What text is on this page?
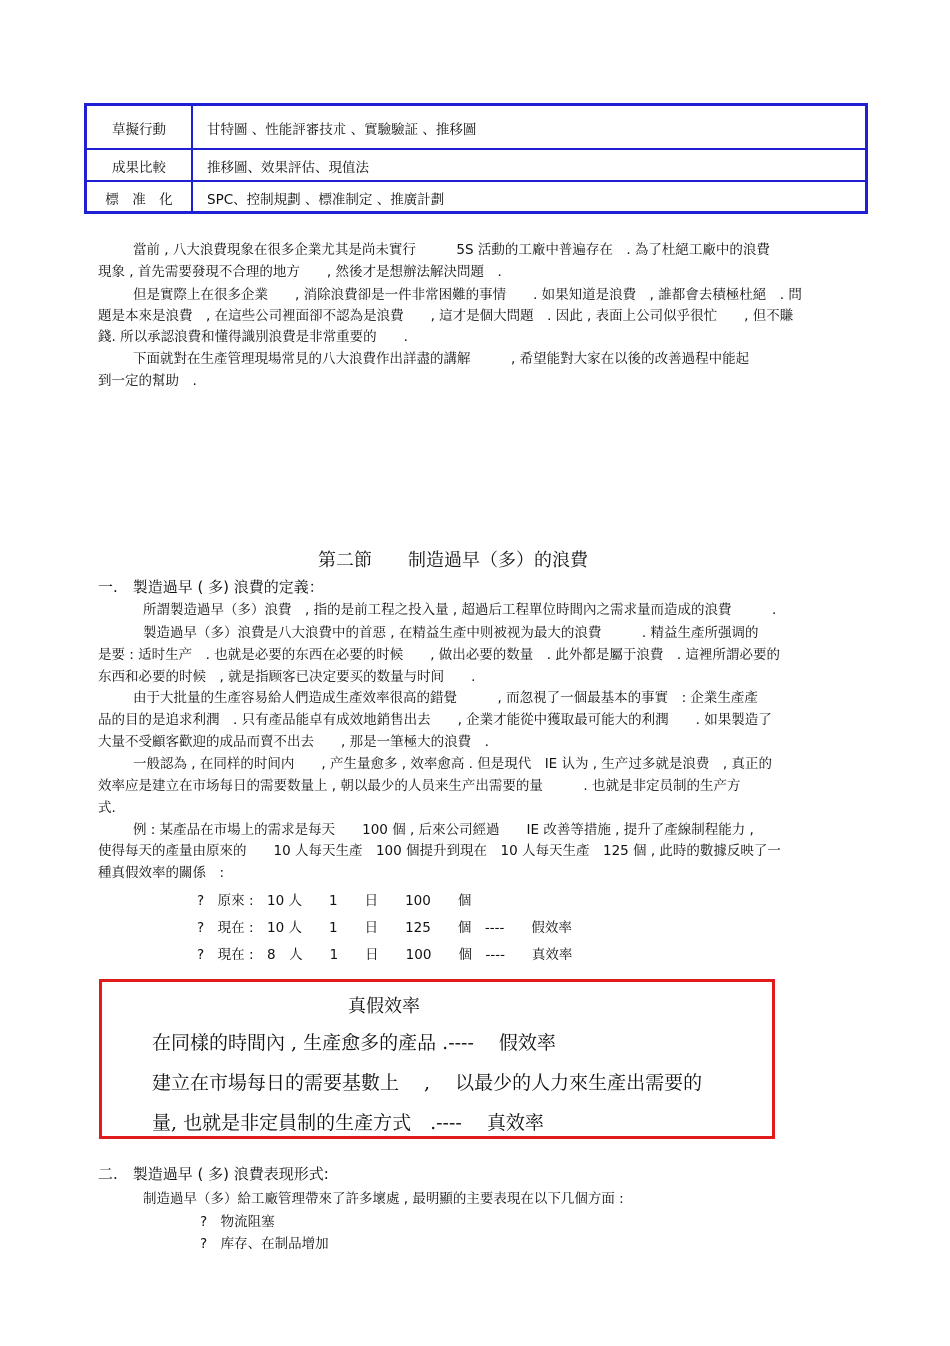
草擬行動	甘特圖 、性能評審技朮 、實驗驗証 、推移圖
成果比較	推移圖、效果評估、現值法
標　准　化	SPC、控制規劃 、標准制定 、推廣計劃
當前 , 八大浪費現象在很多企業尤其是尚未實行　　　5S 活動的工廠中普遍存在　. 為了杜絕工廠中的浪費
現象 , 首先需要發現不合理的地方　　, 然後才是想辦法解決問題　.
但是實際上在很多企業　　, 消除浪費卻是一件非常困難的事情　　. 如果知道是浪費　, 誰都會去積極杜絕　. 問
題是本來是浪費　, 在這些公司裡面卻不認為是浪費　　, 這才是個大問題　. 因此 , 表面上公司似乎很忙　　, 但不賺
錢. 所以承認浪費和懂得識別浪費是非常重要的　　.
下面就對在生產管理現場常見的八大浪費作出詳盡的講解　　　, 希望能對大家在以後的改善過程中能起
到一定的幫助　.
第二節　　制造過早（多）的浪費
一.　製造過早 ( 多) 浪費的定義：
所謂製造過早（多）浪費　, 指的是前工程之投入量 , 超過后工程單位時間內之需求量而造成的浪費　　　.
製造過早（多）浪費是八大浪費中的首惡 , 在精益生產中则被视为最大的浪費　　　. 精益生產所强调的
是要 : 适时生产　. 也就是必要的东西在必要的时候　　, 做出必要的数量　. 此外都是屬于浪費　. 這裡所謂必要的
东西和必要的时候　, 就是指顾客已决定要买的数量与时间　　.
由于大批量的生產容易給人們造成生產效率很高的錯覺　　　, 而忽視了一個最基本的事實　: 企業生產產
品的目的是追求利潤　. 只有產品能卓有成效地銷售出去　　, 企業才能從中獲取最可能大的利潤　　. 如果製造了
大量不受顧客歡迎的成品而賣不出去　　, 那是一筆極大的浪費　.
一般認為 , 在同样的时间内　　, 产生量愈多 , 效率愈高 . 但是現代　IE 认为 , 生产过多就是浪费　, 真正的
效率应是建立在市场每日的需要数量上 , 朝以最少的人员来生产出需要的量　　　. 也就是非定员制的生产方
式.
例 : 某產品在市場上的需求是每天　　100 個 , 后來公司經過　　IE 改善等措施 , 提升了產線制程能力 ,
使得每天的產量由原來的　　10 人每天生產　100 個提升到現在　10 人每天生產　125 個 , 此時的數據反映了一
種真假效率的關係　:
?　原來 :　10 人　　1　　日　　100　　個
?　現在 :　10 人　　1　　日　　125　　個　----　　假效率
?　現在 :　8　人　　1　　日　　100　　個　----　　真效率
真假效率
在同樣的時間內 , 生產愈多的產品 .----　 假效率
建立在市場每日的需要基數上　 ,　 以最少的人力來生產出需要的
量, 也就是非定員制的生產方式　.----　 真效率
二.　製造過早 ( 多) 浪費表现形式:
制造過早（多）給工廠管理帶來了許多壞處 , 最明顯的主要表現在以下几個方面 :
?　物流阻塞
?　库存、在制品增加
